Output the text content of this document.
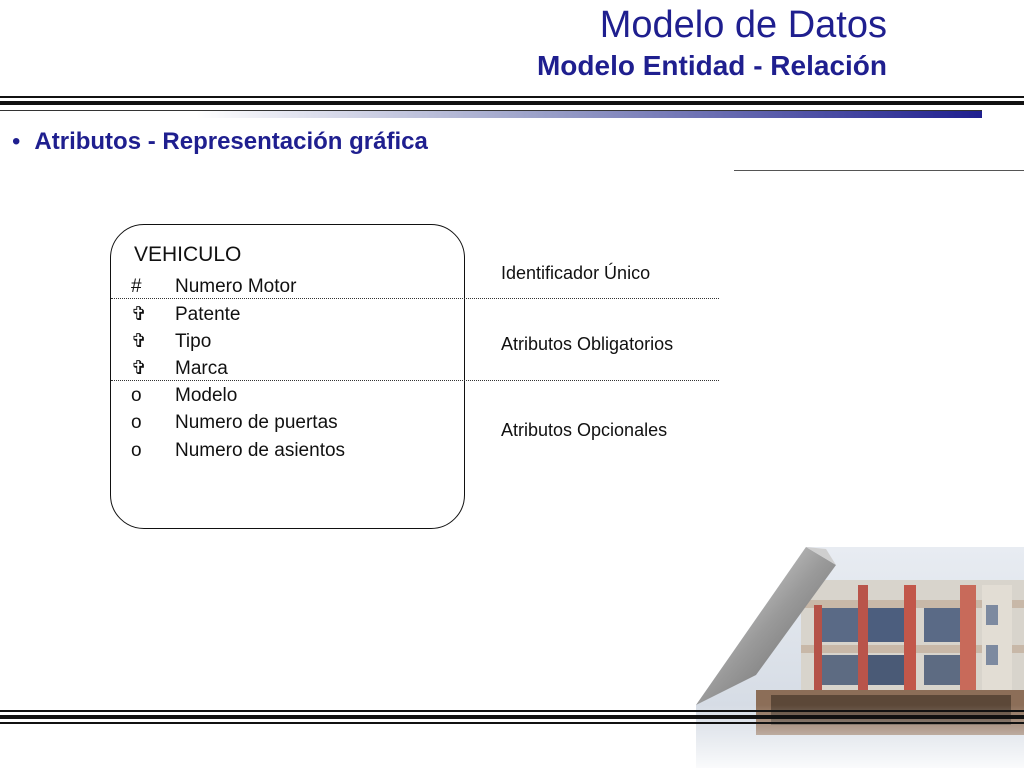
Modelo de Datos
Modelo Entidad - Relación
• Atributos - Representación gráfica
VEHICULO
# Numero Motor
✞ Patente
✞ Tipo
✞ Marca
o Modelo
o Numero de puertas
o Numero de asientos
Identificador Único
Atributos Obligatorios
Atributos Opcionales
